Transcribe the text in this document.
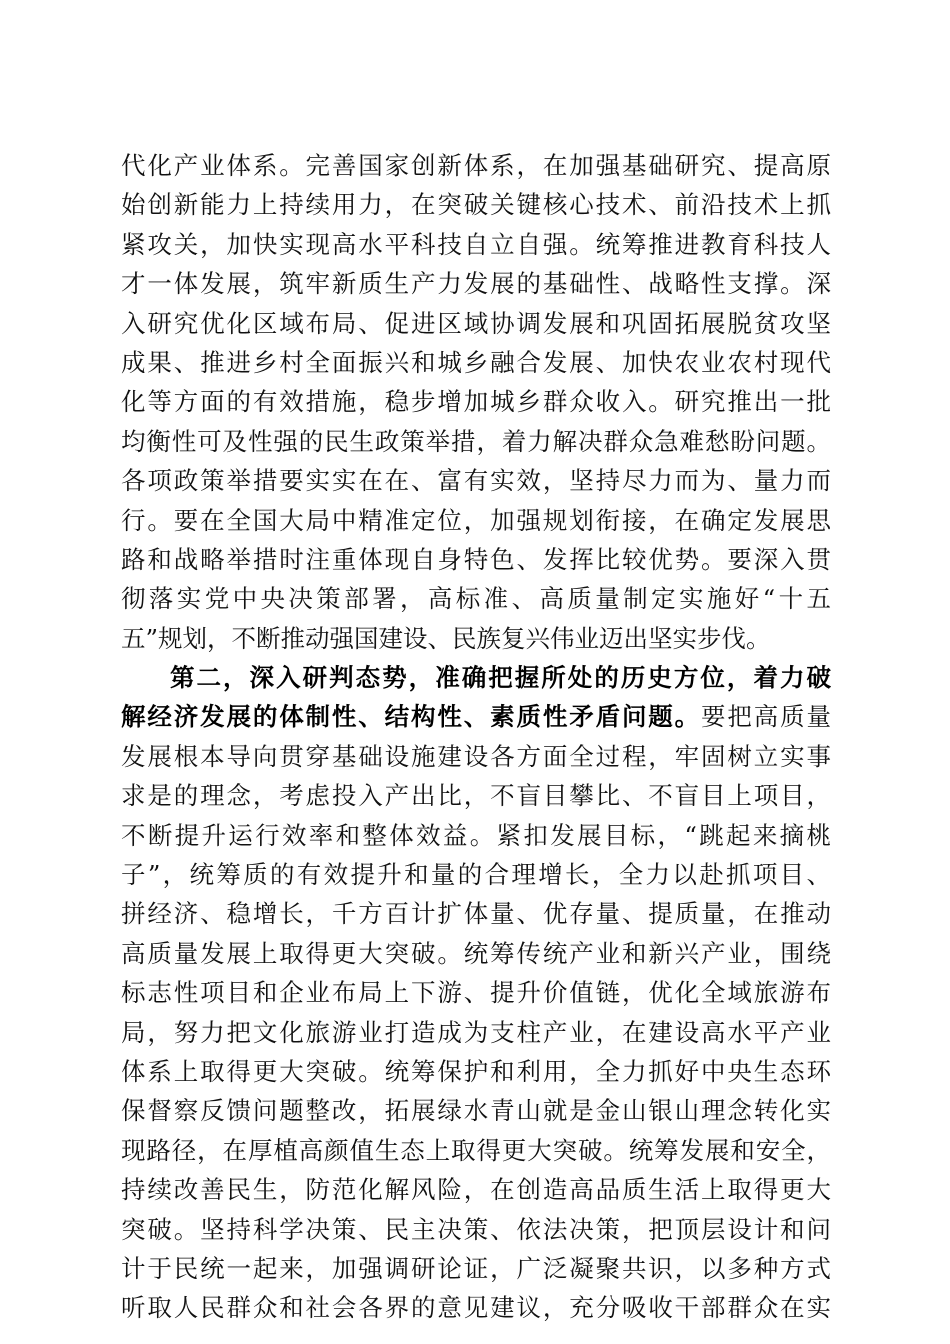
代化产业体系。完善国家创新体系，在加强基础研究、提高原
始创新能力上持续用力，在突破关键核心技术、前沿技术上抓
紧攻关，加快实现高水平科技自立自强。统筹推进教育科技人
才一体发展，筑牢新质生产力发展的基础性、战略性支撑。深
入研究优化区域布局、促进区域协调发展和巩固拓展脱贫攻坚
成果、推进乡村全面振兴和城乡融合发展、加快农业农村现代
化等方面的有效措施，稳步增加城乡群众收入。研究推出一批
均衡性可及性强的民生政策举措，着力解决群众急难愁盼问题。
各项政策举措要实实在在、富有实效，坚持尽力而为、量力而
行。要在全国大局中精准定位，加强规划衔接，在确定发展思
路和战略举措时注重体现自身特色、发挥比较优势。要深入贯
彻落实党中央决策部署，高标准、高质量制定实施好“十五
五”规划，不断推动强国建设、民族复兴伟业迈出坚实步伐。
第二，深入研判态势，准确把握所处的历史方位，着力破
解经济发展的体制性、结构性、素质性矛盾问题。要把高质量
发展根本导向贯穿基础设施建设各方面全过程，牢固树立实事
求是的理念，考虑投入产出比，不盲目攀比、不盲目上项目，
不断提升运行效率和整体效益。紧扣发展目标，“跳起来摘桃
子”，统筹质的有效提升和量的合理增长，全力以赴抓项目、
拼经济、稳增长，千方百计扩体量、优存量、提质量，在推动
高质量发展上取得更大突破。统筹传统产业和新兴产业，围绕
标志性项目和企业布局上下游、提升价值链，优化全域旅游布
局，努力把文化旅游业打造成为支柱产业，在建设高水平产业
体系上取得更大突破。统筹保护和利用，全力抓好中央生态环
保督察反馈问题整改，拓展绿水青山就是金山银山理念转化实
现路径，在厚植高颜值生态上取得更大突破。统筹发展和安全，
持续改善民生，防范化解风险，在创造高品质生活上取得更大
突破。坚持科学决策、民主决策、依法决策，把顶层设计和问
计于民统一起来，加强调研论证，广泛凝聚共识，以多种方式
听取人民群众和社会各界的意见建议，充分吸收干部群众在实
